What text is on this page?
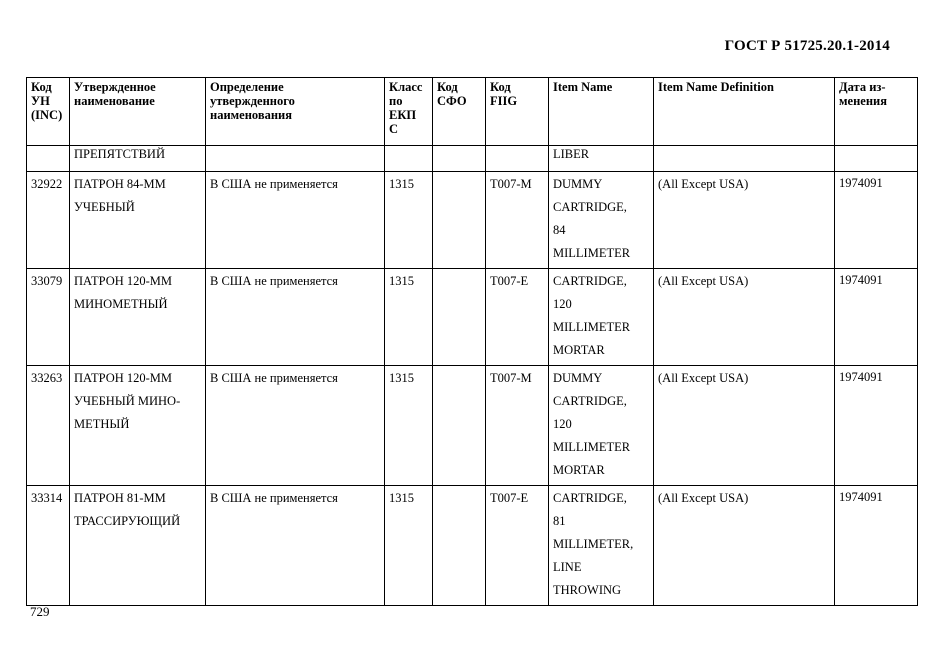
ГОСТ Р 51725.20.1-2014
Код
УН
(INC)	Утвержденное
наименование	Определение
утвержденного
наименования	Класс
по
ЕКП
С	Код
СФО	Код
FIIG	Item Name	Item Name Definition	Дата из-
менения

	ПРЕПЯТСТВИЙ					LIBER		
32922	ПАТРОН 84-ММ
УЧЕБНЫЙ	В США не применяется	1315		T007-M	DUMMY
CARTRIDGE,
84
MILLIMETER	(All Except USA)	1974091
33079	ПАТРОН 120-ММ
МИНОМЕТНЫЙ	В США не применяется	1315		T007-E	CARTRIDGE,
120
MILLIMETER
MORTAR	(All Except USA)	1974091
33263	ПАТРОН 120-ММ
УЧЕБНЫЙ МИНО-
МЕТНЫЙ	В США не применяется	1315		T007-M	DUMMY
CARTRIDGE,
120
MILLIMETER
MORTAR	(All Except USA)	1974091
33314	ПАТРОН 81-ММ
ТРАССИРУЮЩИЙ	В США не применяется	1315		T007-E	CARTRIDGE,
81
MILLIMETER,
LINE
THROWING	(All Except USA)	1974091
729
